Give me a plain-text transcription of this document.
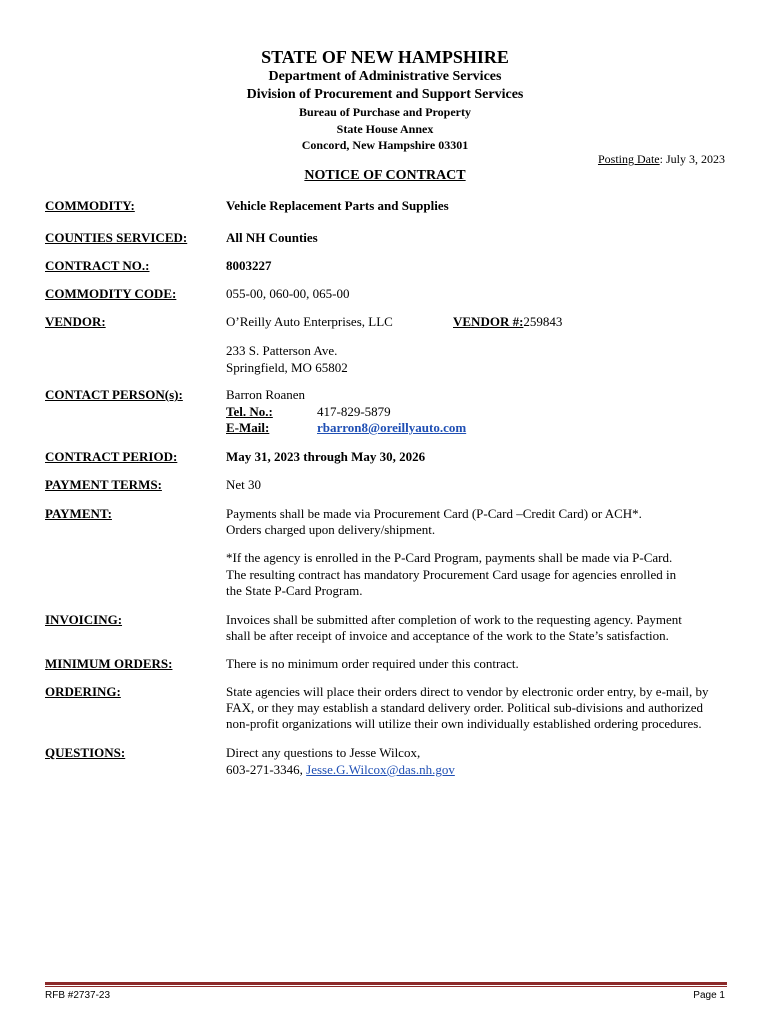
STATE OF NEW HAMPSHIRE
Department of Administrative Services
Division of Procurement and Support Services
Bureau of Purchase and Property
State House Annex
Concord, New Hampshire 03301
Posting Date: July 3, 2023
NOTICE OF CONTRACT
COMMODITY:	Vehicle Replacement Parts and Supplies
COUNTIES SERVICED:	All NH Counties
CONTRACT NO.:	8003227
COMMODITY CODE:	055-00, 060-00, 065-00
VENDOR:	O’Reilly Auto Enterprises, LLC	VENDOR #:259843
233 S. Patterson Ave.
Springfield, MO 65802
CONTACT PERSON(s):	Barron Roanen
Tel. No.:	417-829-5879
E-Mail:	rbarron8@oreillyauto.com
CONTRACT PERIOD:	May 31, 2023 through May 30, 2026
PAYMENT TERMS:	Net 30
PAYMENT:	Payments shall be made via Procurement Card (P-Card –Credit Card) or ACH*.
Orders charged upon delivery/shipment.
*If the agency is enrolled in the P-Card Program, payments shall be made via P-Card.
The resulting contract has mandatory Procurement Card usage for agencies enrolled in
the State P-Card Program.
INVOICING:	Invoices shall be submitted after completion of work to the requesting agency. Payment
shall be after receipt of invoice and acceptance of the work to the State’s satisfaction.
MINIMUM ORDERS:	There is no minimum order required under this contract.
ORDERING:	State agencies will place their orders direct to vendor by electronic order entry, by e-mail, by
FAX, or they may establish a standard delivery order. Political sub-divisions and authorized
non-profit organizations will utilize their own individually established ordering procedures.
QUESTIONS:	Direct any questions to Jesse Wilcox,
603-271-3346, Jesse.G.Wilcox@das.nh.gov
RFB #2737-23	Page 1
